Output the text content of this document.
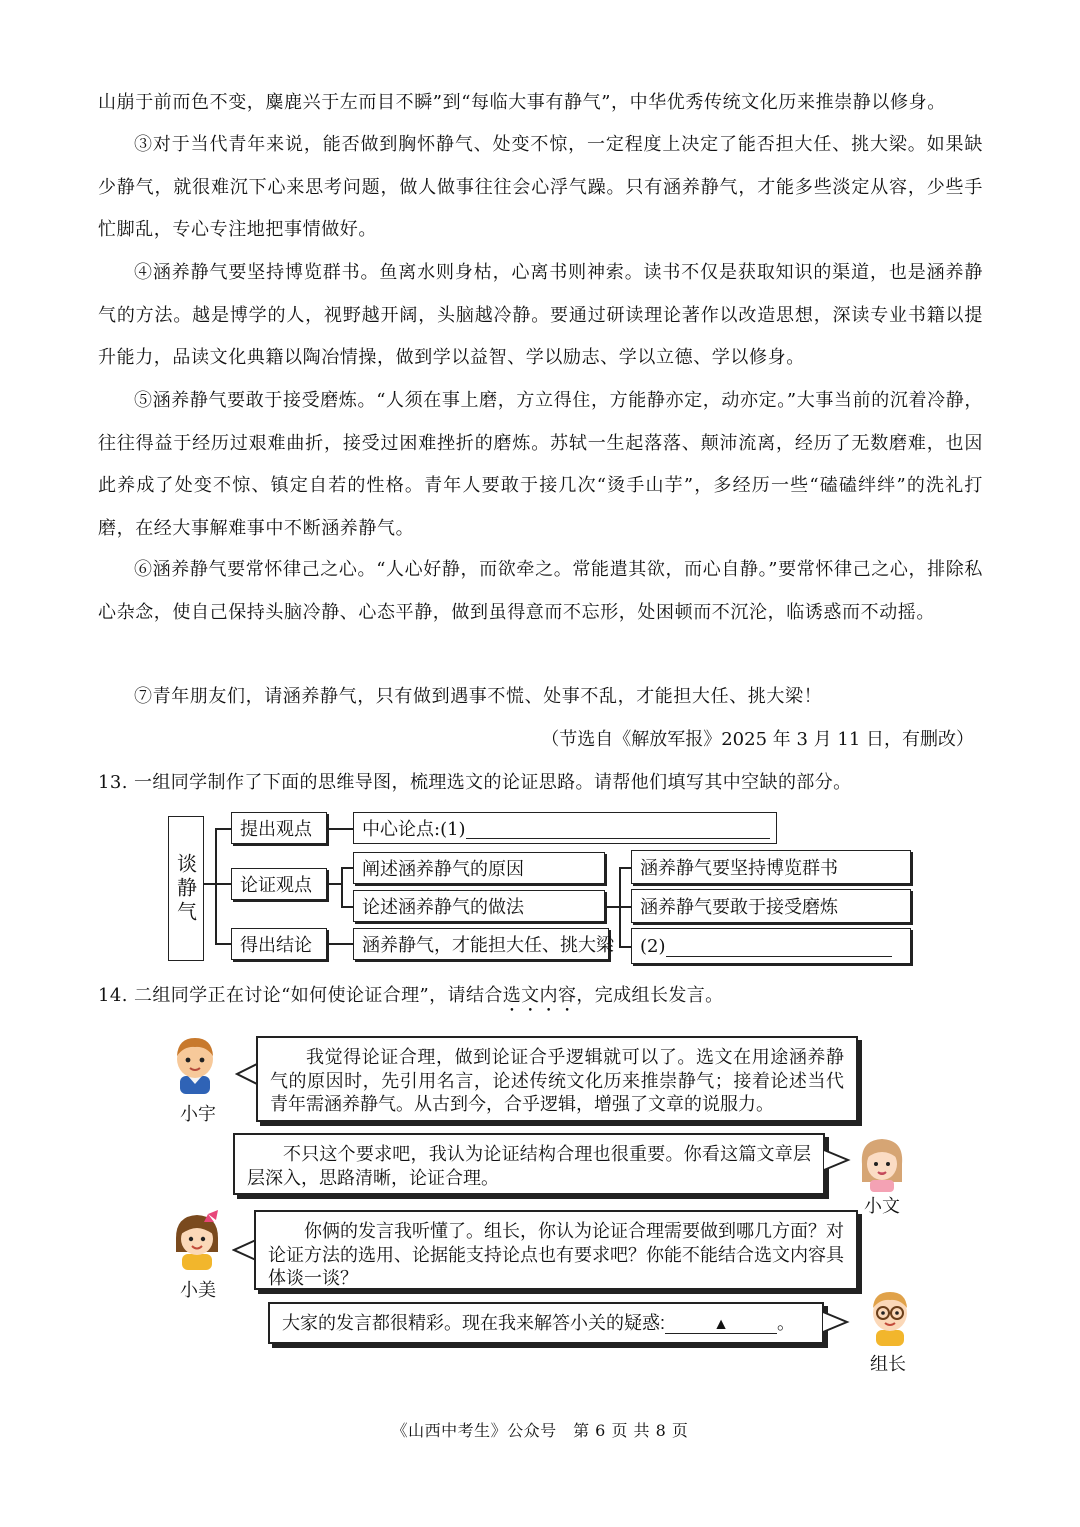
山崩于前而色不变，麋鹿兴于左而目不瞬”到“每临大事有静气”，中华优秀传统文化历来推崇静以修身。

③对于当代青年来说，能否做到胸怀静气、处变不惊，一定程度上决定了能否担大任、挑大梁。如果缺少静气，就很难沉下心来思考问题，做人做事往往会心浮气躁。只有涵养静气，才能多些淡定从容，少些手忙脚乱，专心专注地把事情做好。

④涵养静气要坚持博览群书。鱼离水则身枯，心离书则神索。读书不仅是获取知识的渠道，也是涵养静气的方法。越是博学的人，视野越开阔，头脑越冷静。要通过研读理论著作以改造思想，深读专业书籍以提升能力，品读文化典籍以陶冶情操，做到学以益智、学以励志、学以立德、学以修身。

⑤涵养静气要敢于接受磨炼。“人须在事上磨，方立得住，方能静亦定，动亦定。”大事当前的沉着冷静，往往得益于经历过艰难曲折，接受过困难挫折的磨炼。苏轼一生起落落、颠沛流离，经历了无数磨难，也因此养成了处变不惊、镇定自若的性格。青年人要敢于接几次“烫手山芋”，多经历一些“磕磕绊绊”的洗礼打磨，在经大事解难事中不断涵养静气。

⑥涵养静气要常怀律己之心。“人心好静，而欲牵之。常能遣其欲，而心自静。”要常怀律己之心，排除私心杂念，使自己保持头脑冷静、心态平静，做到虽得意而不忘形，处困顿而不沉沦，临诱惑而不动摇。

⑦青年朋友们，请涵养静气，只有做到遇事不慌、处事不乱，才能担大任、挑大梁！

（节选自《解放军报》2025 年 3 月 11 日，有删改）
13. 一组同学制作了下面的思维导图，梳理选文的论证思路。请帮他们填写其中空缺的部分。
谈静气
提出观点
论证观点
得出结论
中心论点:(1)
阐述涵养静气的原因
论述涵养静气的做法
涵养静气，才能担大任、挑大梁
涵养静气要坚持博览群书
涵养静气要敢于接受磨炼
(2)
14. 二组同学正在讨论“如何使论证合理”，请结合选文内容，完成组长发言。
小宇
我觉得论证合理，做到论证合乎逻辑就可以了。选文在用途涵养静气的原因时，先引用名言，论述传统文化历来推崇静气；接着论述当代青年需涵养静气。从古到今，合乎逻辑，增强了文章的说服力。
不只这个要求吧，我认为论证结构合理也很重要。你看这篇文章层层深入，思路清晰，论证合理。
小文
小美
你俩的发言我听懂了。组长，你认为论证合理需要做到哪几方面？对论证方法的选用、论据能支持论点也有要求吧？你能不能结合选文内容具体谈一谈？
大家的发言都很精彩。现在我来解答小关的疑惑:	▲	。
组长
《山西中考生》公众号　第 6 页 共 8 页
